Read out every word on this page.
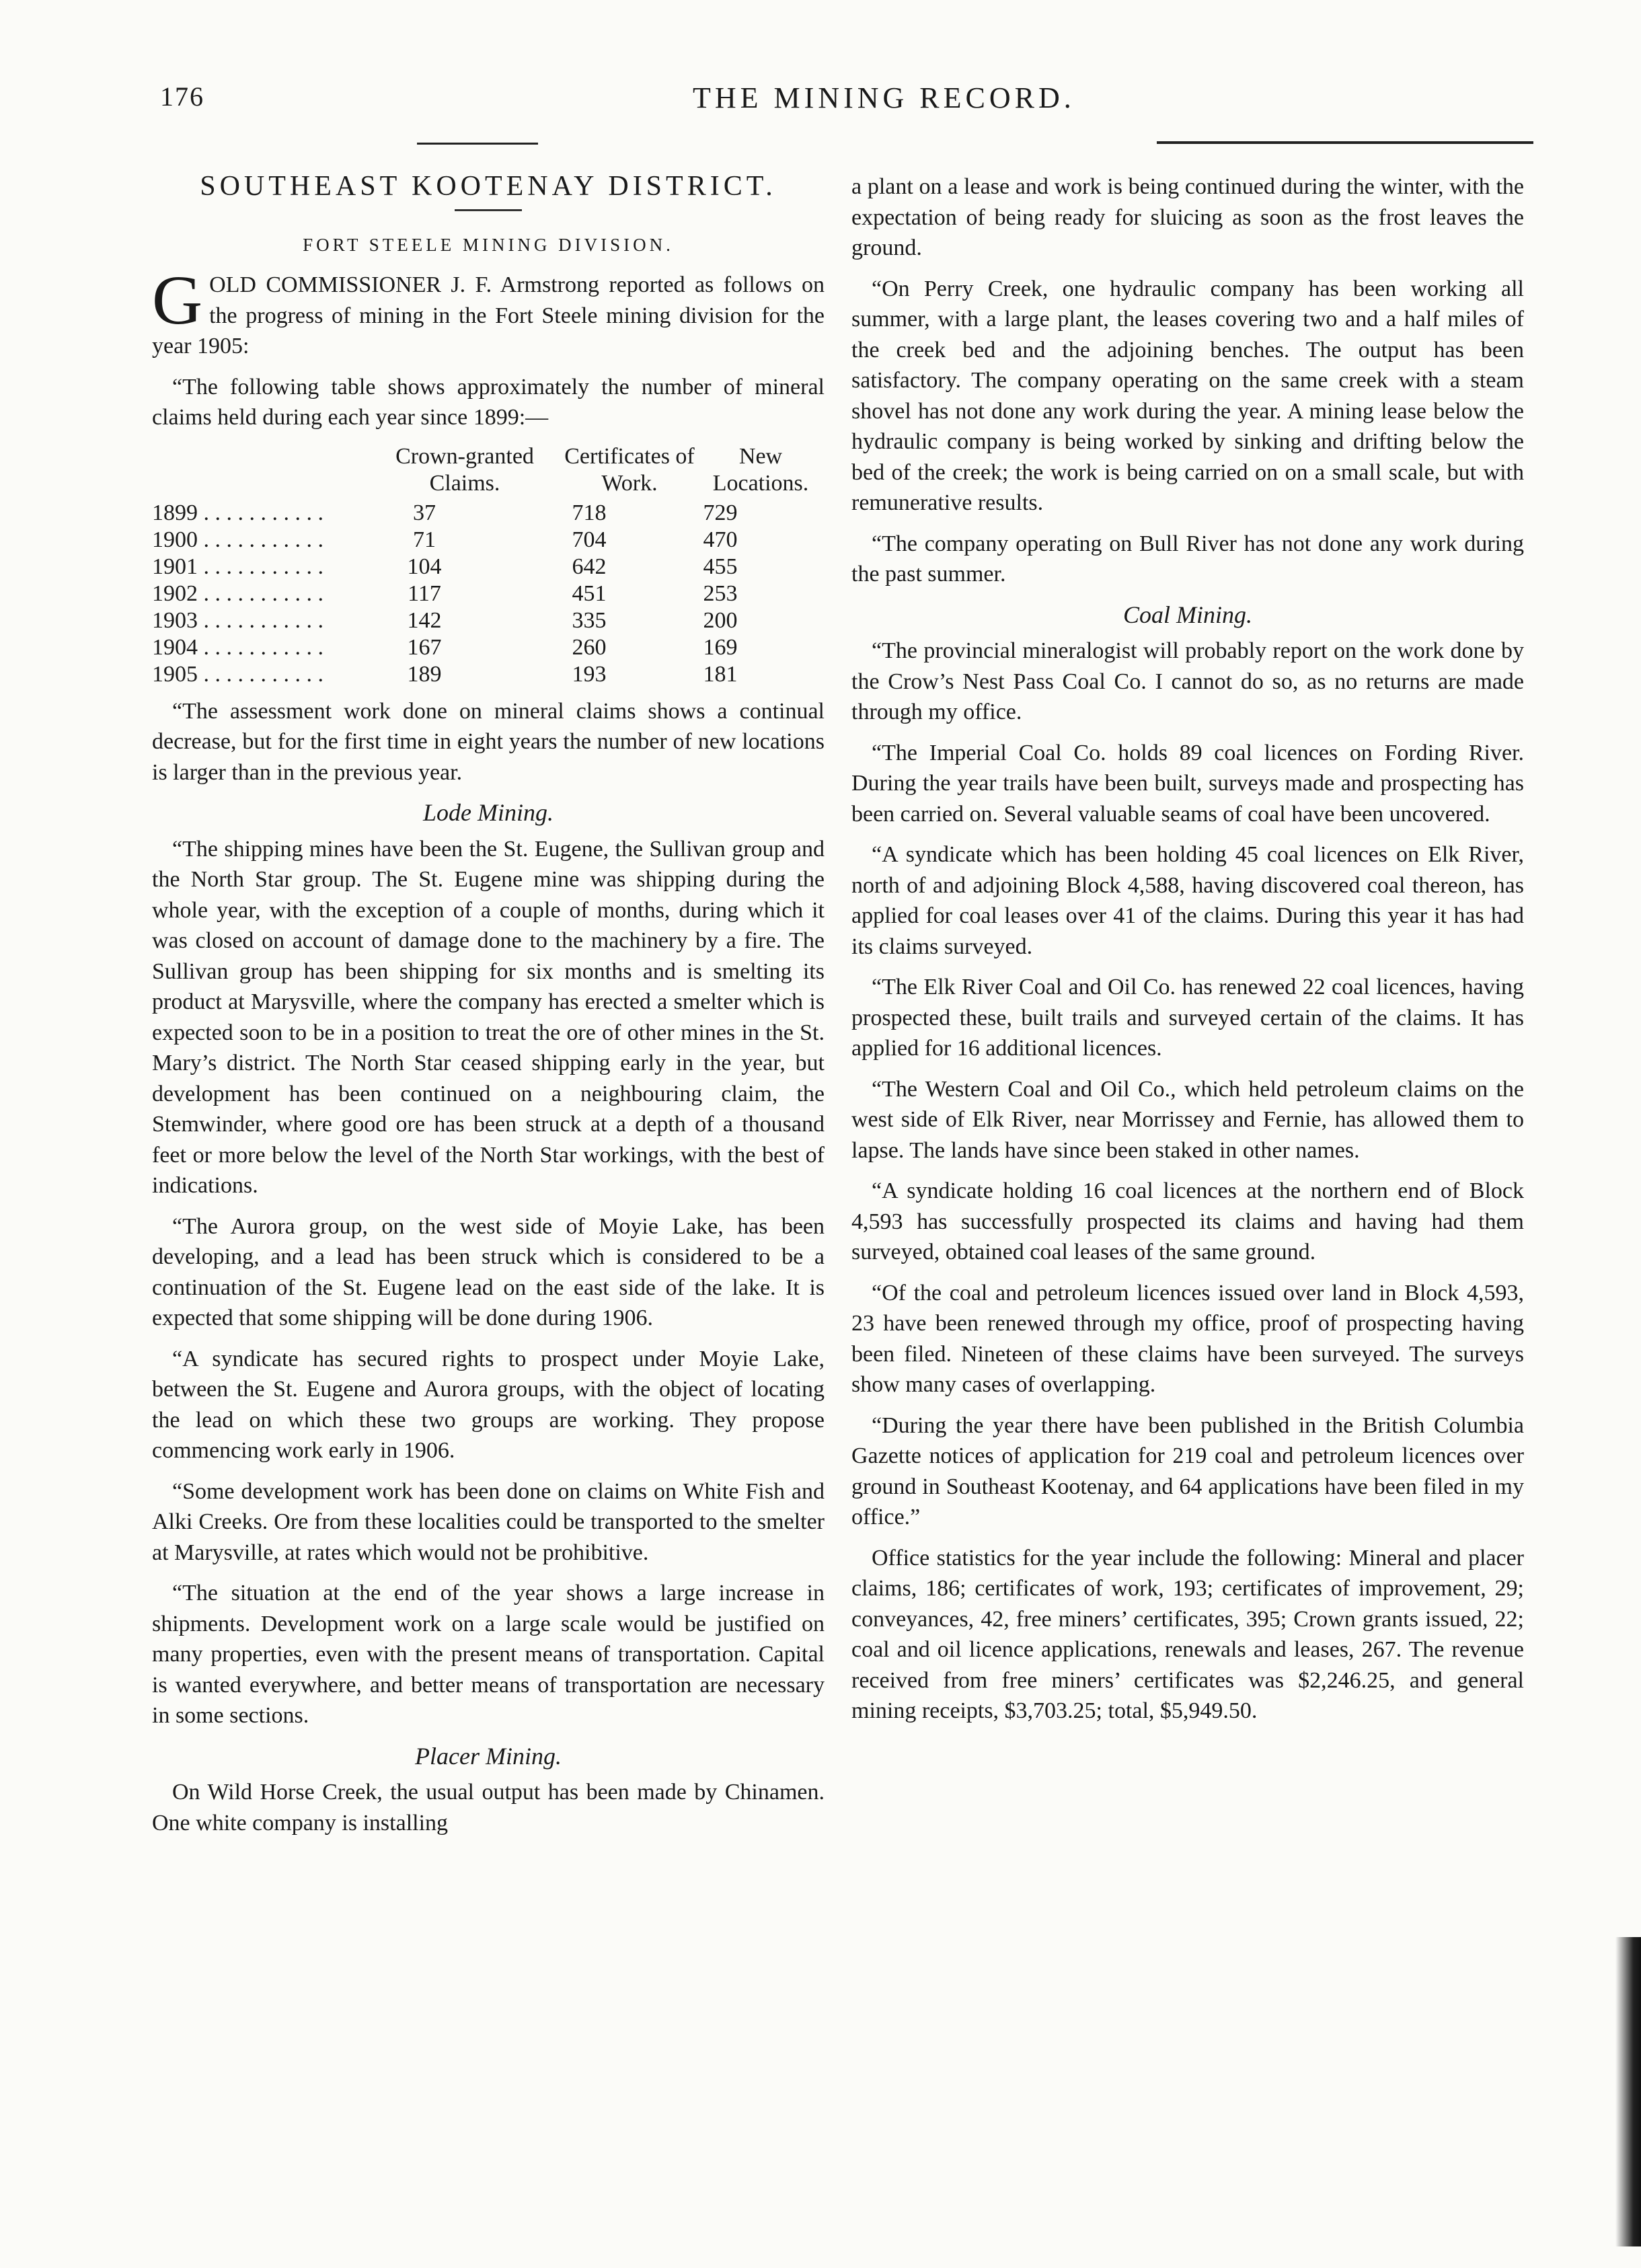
176	THE MINING RECORD.
SOUTHEAST KOOTENAY DISTRICT.
FORT STEELE MINING DIVISION.

GOLD COMMISSIONER J. F. Armstrong reported as follows on the progress of mining in the Fort Steele mining division for the year 1905:

“The following table shows approximately the number of mineral claims held during each year since 1899:—

Crown-granted Claims.
Certificates of Work.
New Locations.
1899 . . . . . . . . . . .	37	718	729
1900 . . . . . . . . . . .	71	704	470
1901 . . . . . . . . . . .	104	642	455
1902 . . . . . . . . . . .	117	451	253
1903 . . . . . . . . . . .	142	335	200
1904 . . . . . . . . . . .	167	260	169
1905 . . . . . . . . . . .	189	193	181

“The assessment work done on mineral claims shows a continual decrease, but for the first time in eight years the number of new locations is larger than in the previous year.

Lode Mining.

“The shipping mines have been the St. Eugene, the Sullivan group and the North Star group. The St. Eugene mine was shipping during the whole year, with the exception of a couple of months, during which it was closed on account of damage done to the machinery by a fire. The Sullivan group has been shipping for six months and is smelting its product at Marysville, where the company has erected a smelter which is expected soon to be in a position to treat the ore of other mines in the St. Mary’s district. The North Star ceased shipping early in the year, but development has been continued on a neighbouring claim, the Stemwinder, where good ore has been struck at a depth of a thousand feet or more below the level of the North Star workings, with the best of indications.

“The Aurora group, on the west side of Moyie Lake, has been developing, and a lead has been struck which is considered to be a continuation of the St. Eugene lead on the east side of the lake. It is expected that some shipping will be done during 1906.

“A syndicate has secured rights to prospect under Moyie Lake, between the St. Eugene and Aurora groups, with the object of locating the lead on which these two groups are working. They propose commencing work early in 1906.

“Some development work has been done on claims on White Fish and Alki Creeks. Ore from these localities could be transported to the smelter at Marysville, at rates which would not be prohibitive.

“The situation at the end of the year shows a large increase in shipments. Development work on a large scale would be justified on many properties, even with the present means of transportation. Capital is wanted everywhere, and better means of transportation are necessary in some sections.

Placer Mining.

On Wild Horse Creek, the usual output has been made by Chinamen. One white company is installing

a plant on a lease and work is being continued during the winter, with the expectation of being ready for sluicing as soon as the frost leaves the ground.

“On Perry Creek, one hydraulic company has been working all summer, with a large plant, the leases covering two and a half miles of the creek bed and the adjoining benches. The output has been satisfactory. The company operating on the same creek with a steam shovel has not done any work during the year. A mining lease below the hydraulic company is being worked by sinking and drifting below the bed of the creek; the work is being carried on on a small scale, but with remunerative results.

“The company operating on Bull River has not done any work during the past summer.

Coal Mining.

“The provincial mineralogist will probably report on the work done by the Crow’s Nest Pass Coal Co. I cannot do so, as no returns are made through my office.

“The Imperial Coal Co. holds 89 coal licences on Fording River. During the year trails have been built, surveys made and prospecting has been carried on. Several valuable seams of coal have been uncovered.

“A syndicate which has been holding 45 coal licences on Elk River, north of and adjoining Block 4,588, having discovered coal thereon, has applied for coal leases over 41 of the claims. During this year it has had its claims surveyed.

“The Elk River Coal and Oil Co. has renewed 22 coal licences, having prospected these, built trails and surveyed certain of the claims. It has applied for 16 additional licences.

“The Western Coal and Oil Co., which held petroleum claims on the west side of Elk River, near Morrissey and Fernie, has allowed them to lapse. The lands have since been staked in other names.

“A syndicate holding 16 coal licences at the northern end of Block 4,593 has successfully prospected its claims and having had them surveyed, obtained coal leases of the same ground.

“Of the coal and petroleum licences issued over land in Block 4,593, 23 have been renewed through my office, proof of prospecting having been filed. Nineteen of these claims have been surveyed. The surveys show many cases of overlapping.

“During the year there have been published in the British Columbia Gazette notices of application for 219 coal and petroleum licences over ground in Southeast Kootenay, and 64 applications have been filed in my office.”

Office statistics for the year include the following: Mineral and placer claims, 186; certificates of work, 193; certificates of improvement, 29; conveyances, 42, free miners’ certificates, 395; Crown grants issued, 22; coal and oil licence applications, renewals and leases, 267. The revenue received from free miners’ certificates was $2,246.25, and general mining receipts, $3,703.25; total, $5,949.50.
